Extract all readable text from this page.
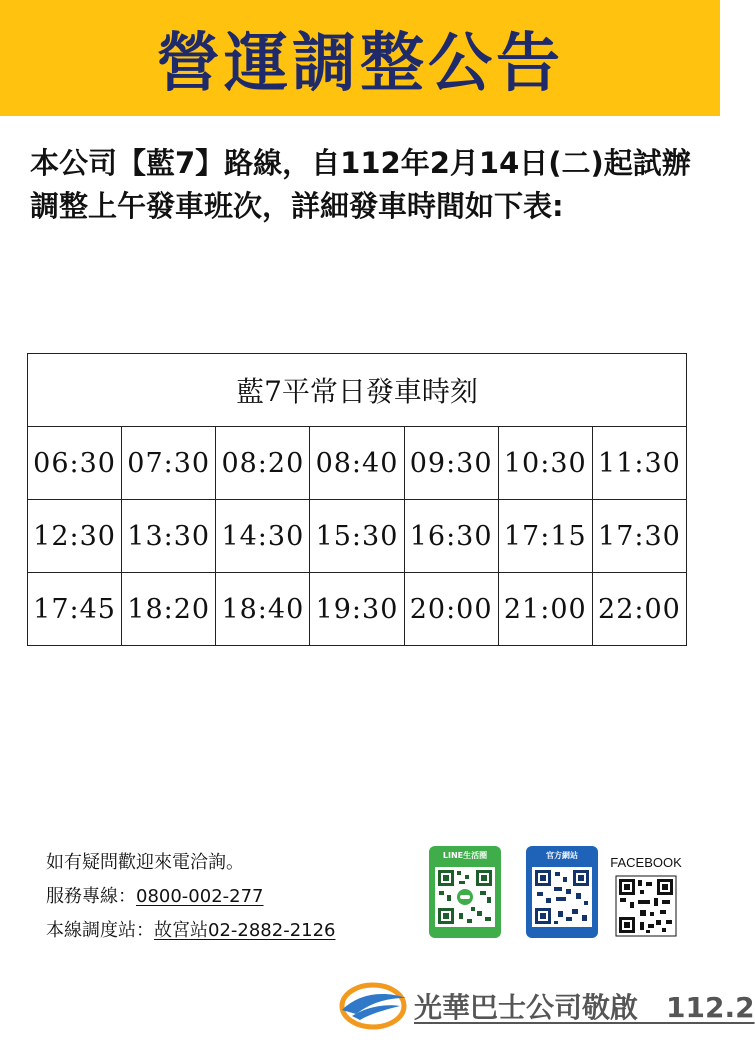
營運調整公告
本公司【藍7】路線，自112年2月14日(二)起試辦調整上午發車班次，詳細發車時間如下表:
藍7平常日發車時刻						
06:30	07:30	08:20	08:40	09:30	10:30	11:30
12:30	13:30	14:30	15:30	16:30	17:15	17:30
17:45	18:20	18:40	19:30	20:00	21:00	22:00
如有疑問歡迎來電洽詢。
服務專線：0800-002-277
本線調度站：故宮站02-2882-2126
LINE生活圈	官方網站	FACEBOOK
光華巴士公司敬啟　112.2
